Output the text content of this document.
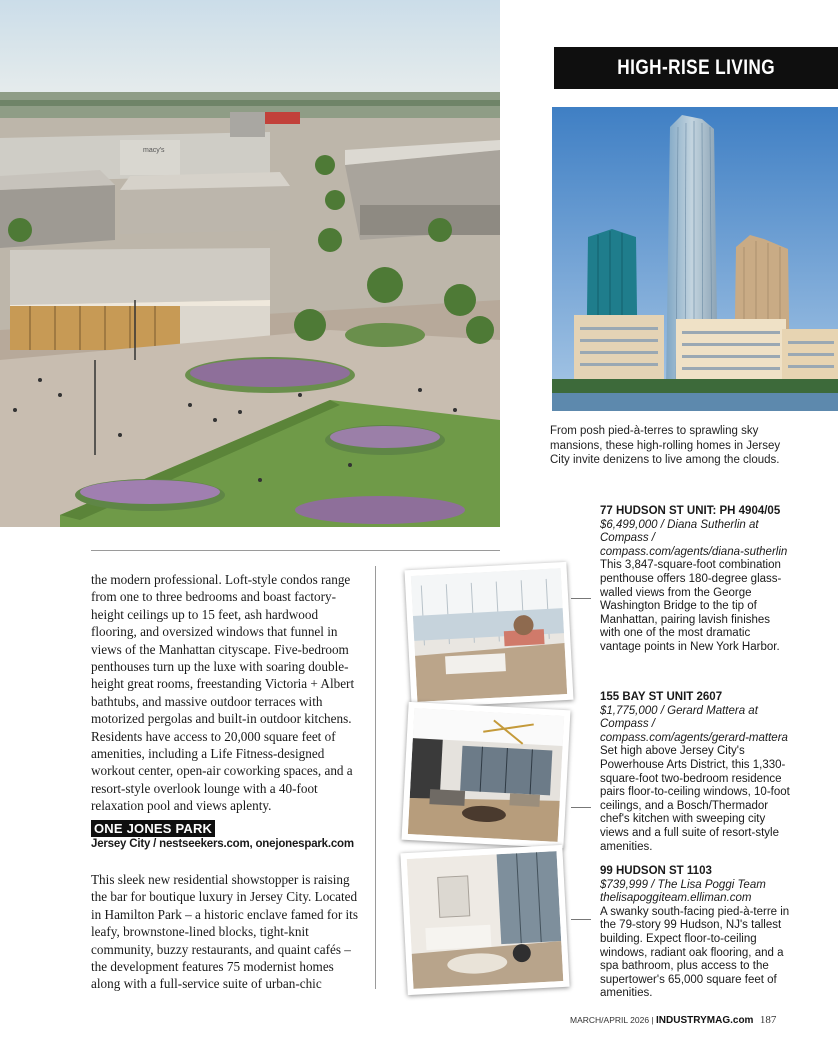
macy's
HIGH-RISE LIVING
From posh pied-à-terres to sprawling sky mansions, these high-rolling homes in Jersey City invite denizens to live among the clouds.
the modern professional. Loft-style condos range from one to three bedrooms and boast factory-height ceilings up to 15 feet, ash hardwood flooring, and oversized windows that funnel in views of the Manhattan cityscape. Five-bedroom penthouses turn up the luxe with soaring double-height great rooms, freestanding Victoria + Albert bathtubs, and massive outdoor terraces with motorized pergolas and built-in outdoor kitchens. Residents have access to 20,000 square feet of amenities, including a Life Fitness-designed workout center, open-air coworking spaces, and a resort-style overlook lounge with a 40-foot relaxation pool and views aplenty.
ONE JONES PARK
Jersey City / nestseekers.com, onejonespark.com
This sleek new residential showstopper is raising the bar for boutique luxury in Jersey City. Located in Hamilton Park – a historic enclave famed for its leafy, brownstone-lined blocks, tight-knit community, buzzy restaurants, and quaint cafés – the development features 75 modernist homes along with a full-service suite of urban-chic
77 HUDSON ST UNIT: PH 4904/05
$6,499,000 / Diana Sutherlin at Compass / compass.com/agents/diana-sutherlin
This 3,847-square-foot combination penthouse offers 180-degree glass-walled views from the George Washington Bridge to the tip of Manhattan, pairing lavish finishes with one of the most dramatic vantage points in New York Harbor.
155 BAY ST UNIT 2607
$1,775,000 / Gerard Mattera at Compass / compass.com/agents/gerard-mattera
Set high above Jersey City's Powerhouse Arts District, this 1,330-square-foot two-bedroom residence pairs floor-to-ceiling windows, 10-foot ceilings, and a Bosch/Thermador chef's kitchen with sweeping city views and a full suite of resort-style amenities.
99 HUDSON ST 1103
$739,999 / The Lisa Poggi Team thelisapoggiteam.elliman.com
A swanky south-facing pied-à-terre in the 79-story 99 Hudson, NJ's tallest building. Expect floor-to-ceiling windows, radiant oak flooring, and a spa bathroom, plus access to the supertower's 65,000 square feet of amenities.
MARCH/APRIL 2026 | INDUSTRYMAG.com 187
